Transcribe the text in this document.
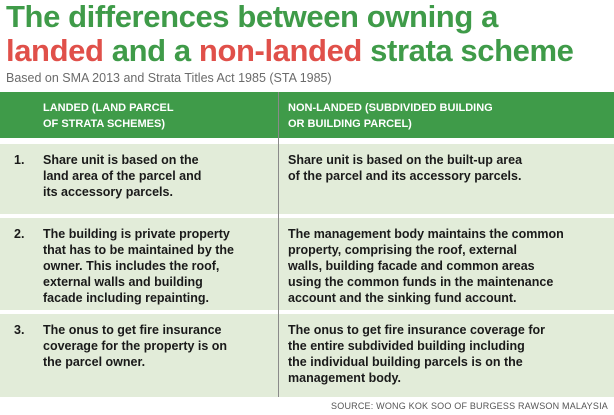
The differences between owning a
landed and a non-landed strata scheme
Based on SMA 2013 and Strata Titles Act 1985 (STA 1985)
LANDED (LAND PARCEL
OF STRATA SCHEMES)
NON-LANDED (SUBDIVIDED BUILDING
OR BUILDING PARCEL)
1. Share unit is based on the
land area of the parcel and
its accessory parcels.
Share unit is based on the built-up area
of the parcel and its accessory parcels.
2. The building is private property
that has to be maintained by the
owner. This includes the roof,
external walls and building
facade including repainting.
The management body maintains the common
property, comprising the roof, external
walls, building facade and common areas
using the common funds in the maintenance
account and the sinking fund account.
3. The onus to get fire insurance
coverage for the property is on
the parcel owner.
The onus to get fire insurance coverage for
the entire subdivided building including
the individual building parcels is on the
management body.
SOURCE: WONG KOK SOO OF BURGESS RAWSON MALAYSIA
